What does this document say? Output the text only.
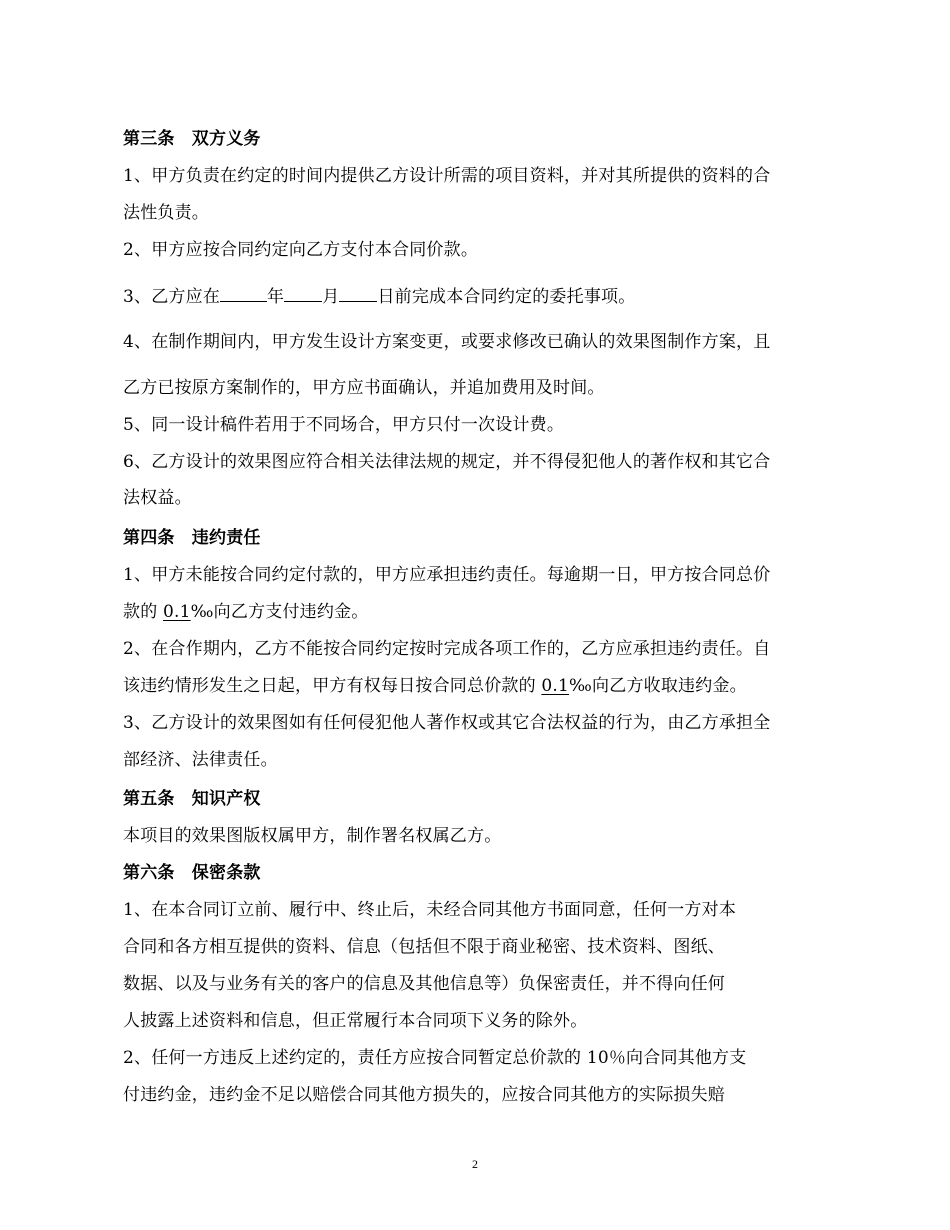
第三条　双方义务
1、甲方负责在约定的时间内提供乙方设计所需的项目资料，并对其所提供的资料的合
法性负责。
2、甲方应按合同约定向乙方支付本合同价款。
3、乙方应在	年 月 日前完成本合同约定的委托事项。
4、在制作期间内，甲方发生设计方案变更，或要求修改已确认的效果图制作方案，且
乙方已按原方案制作的，甲方应书面确认，并追加费用及时间。
5、同一设计稿件若用于不同场合，甲方只付一次设计费。
6、乙方设计的效果图应符合相关法律法规的规定，并不得侵犯他人的著作权和其它合
法权益。
第四条　违约责任
1、甲方未能按合同约定付款的，甲方应承担违约责任。每逾期一日，甲方按合同总价
款的 0.1‰向乙方支付违约金。
2、在合作期内，乙方不能按合同约定按时完成各项工作的，乙方应承担违约责任。自
该违约情形发生之日起，甲方有权每日按合同总价款的 0.1‰向乙方收取违约金。
3、乙方设计的效果图如有任何侵犯他人著作权或其它合法权益的行为，由乙方承担全
部经济、法律责任。
第五条　知识产权
本项目的效果图版权属甲方，制作署名权属乙方。
第六条　保密条款
1、在本合同订立前、履行中、终止后，未经合同其他方书面同意，任何一方对本
合同和各方相互提供的资料、信息（包括但不限于商业秘密、技术资料、图纸、
数据、以及与业务有关的客户的信息及其他信息等）负保密责任，并不得向任何
人披露上述资料和信息，但正常履行本合同项下义务的除外。
2、任何一方违反上述约定的，责任方应按合同暂定总价款的 10％向合同其他方支
付违约金，违约金不足以赔偿合同其他方损失的，应按合同其他方的实际损失赔
2
